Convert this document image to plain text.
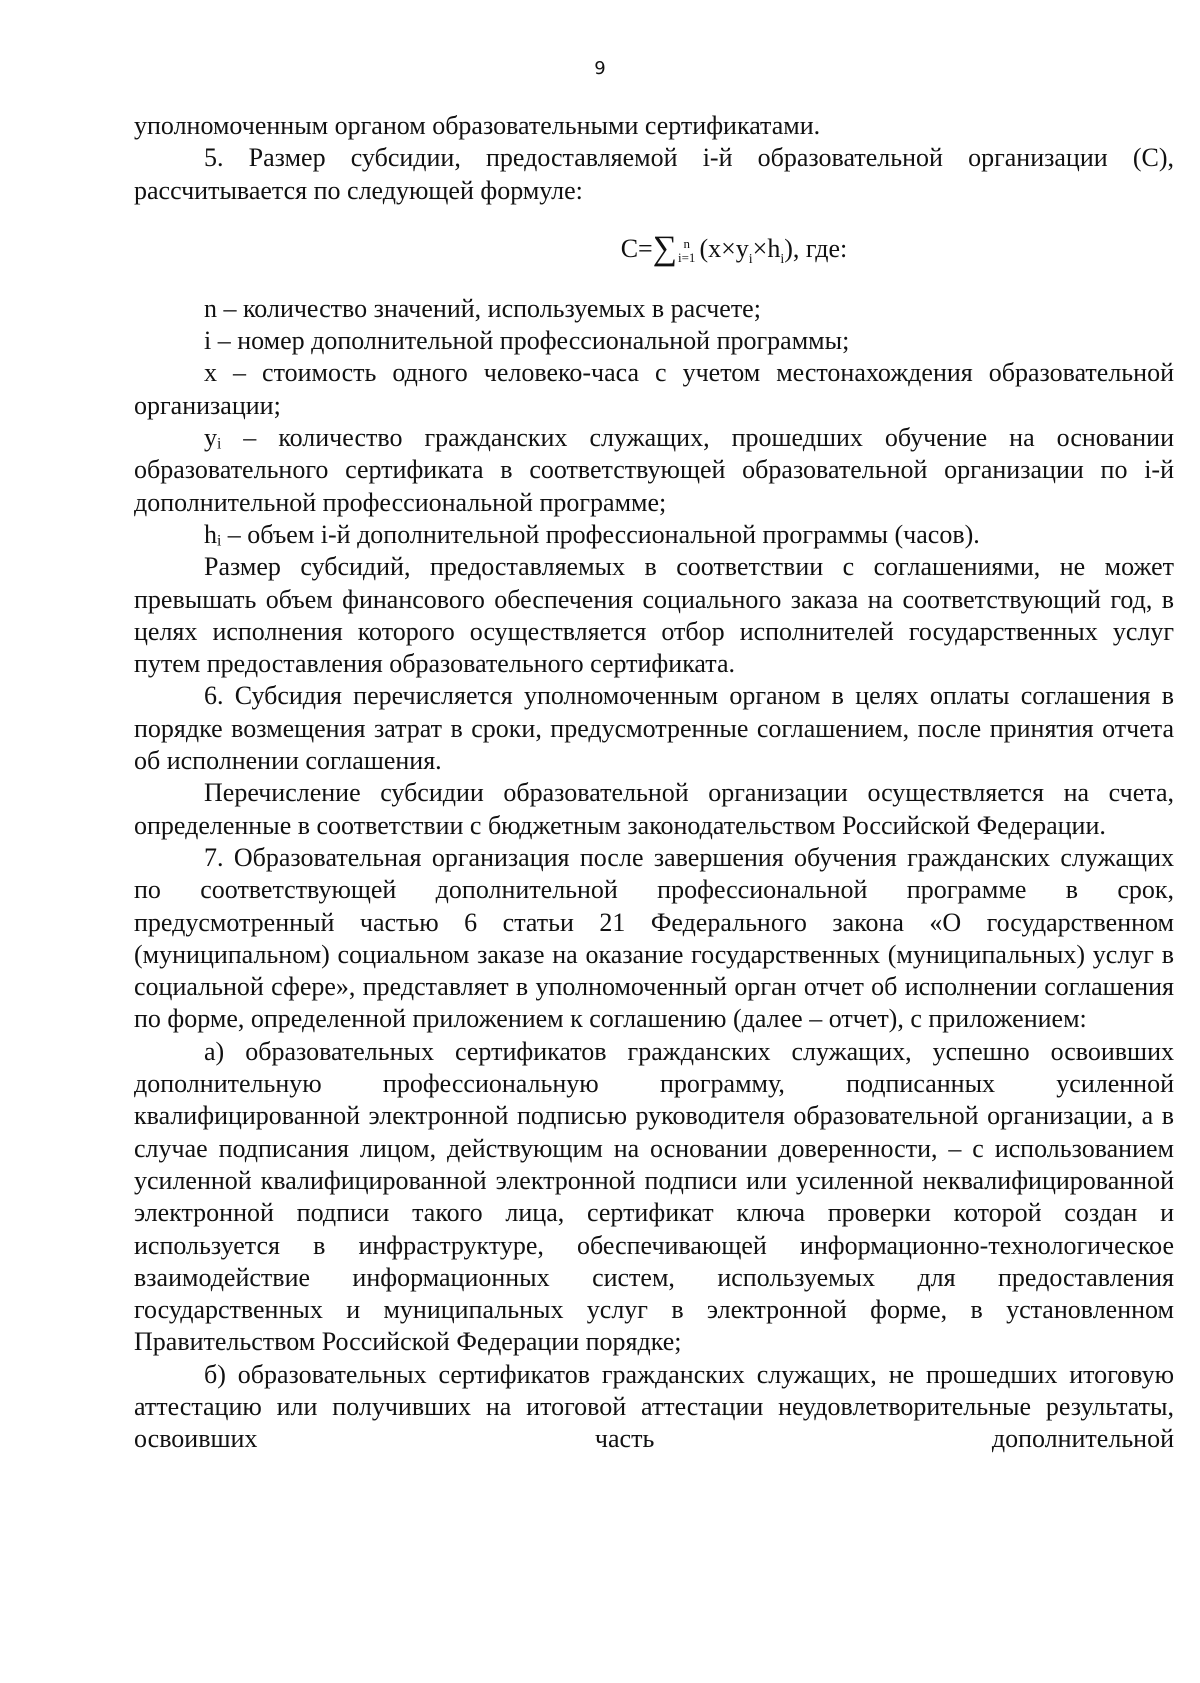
9

уполномоченным органом образовательными сертификатами.

5. Размер субсидии, предоставляемой i-й образовательной организации (C), рассчитывается по следующей формуле:

C=∑ n
i=1 $(x\times y_i\times h_i)$, где:

n – количество значений, используемых в расчете;

i – номер дополнительной профессиональной программы;

x – стоимость одного человеко-часа с учетом местонахождения образовательной организации;

yᵢ – количество гражданских служащих, прошедших обучение на основании образовательного сертификата в соответствующей образовательной организации по i-й дополнительной профессиональной программе;

hᵢ – объем i-й дополнительной профессиональной программы (часов).

Размер субсидий, предоставляемых в соответствии с соглашениями, не может превышать объем финансового обеспечения социального заказа на соответствующий год, в целях исполнения которого осуществляется отбор исполнителей государственных услуг путем предоставления образовательного сертификата.

6. Субсидия перечисляется уполномоченным органом в целях оплаты соглашения в порядке возмещения затрат в сроки, предусмотренные соглашением, после принятия отчета об исполнении соглашения.

Перечисление субсидии образовательной организации осуществляется на счета, определенные в соответствии с бюджетным законодательством Российской Федерации.

7. Образовательная организация после завершения обучения гражданских служащих по соответствующей дополнительной профессиональной программе в срок, предусмотренный частью 6 статьи 21 Федерального закона «О государственном (муниципальном) социальном заказе на оказание государственных (муниципальных) услуг в социальной сфере», представляет в уполномоченный орган отчет об исполнении соглашения по форме, определенной приложением к соглашению (далее – отчет), с приложением:

а) образовательных сертификатов гражданских служащих, успешно освоивших дополнительную профессиональную программу, подписанных усиленной квалифицированной электронной подписью руководителя образовательной организации, а в случае подписания лицом, действующим на основании доверенности, – с использованием усиленной квалифицированной электронной подписи или усиленной неквалифицированной электронной подписи такого лица, сертификат ключа проверки которой создан и используется в инфраструктуре, обеспечивающей информационно-технологическое взаимодействие информационных систем, используемых для предоставления государственных и муниципальных услуг в электронной форме, в установленном Правительством Российской Федерации порядке;

б) образовательных сертификатов гражданских служащих, не прошедших итоговую аттестацию или получивших на итоговой аттестации неудовлетворительные результаты, освоивших часть дополнительной
